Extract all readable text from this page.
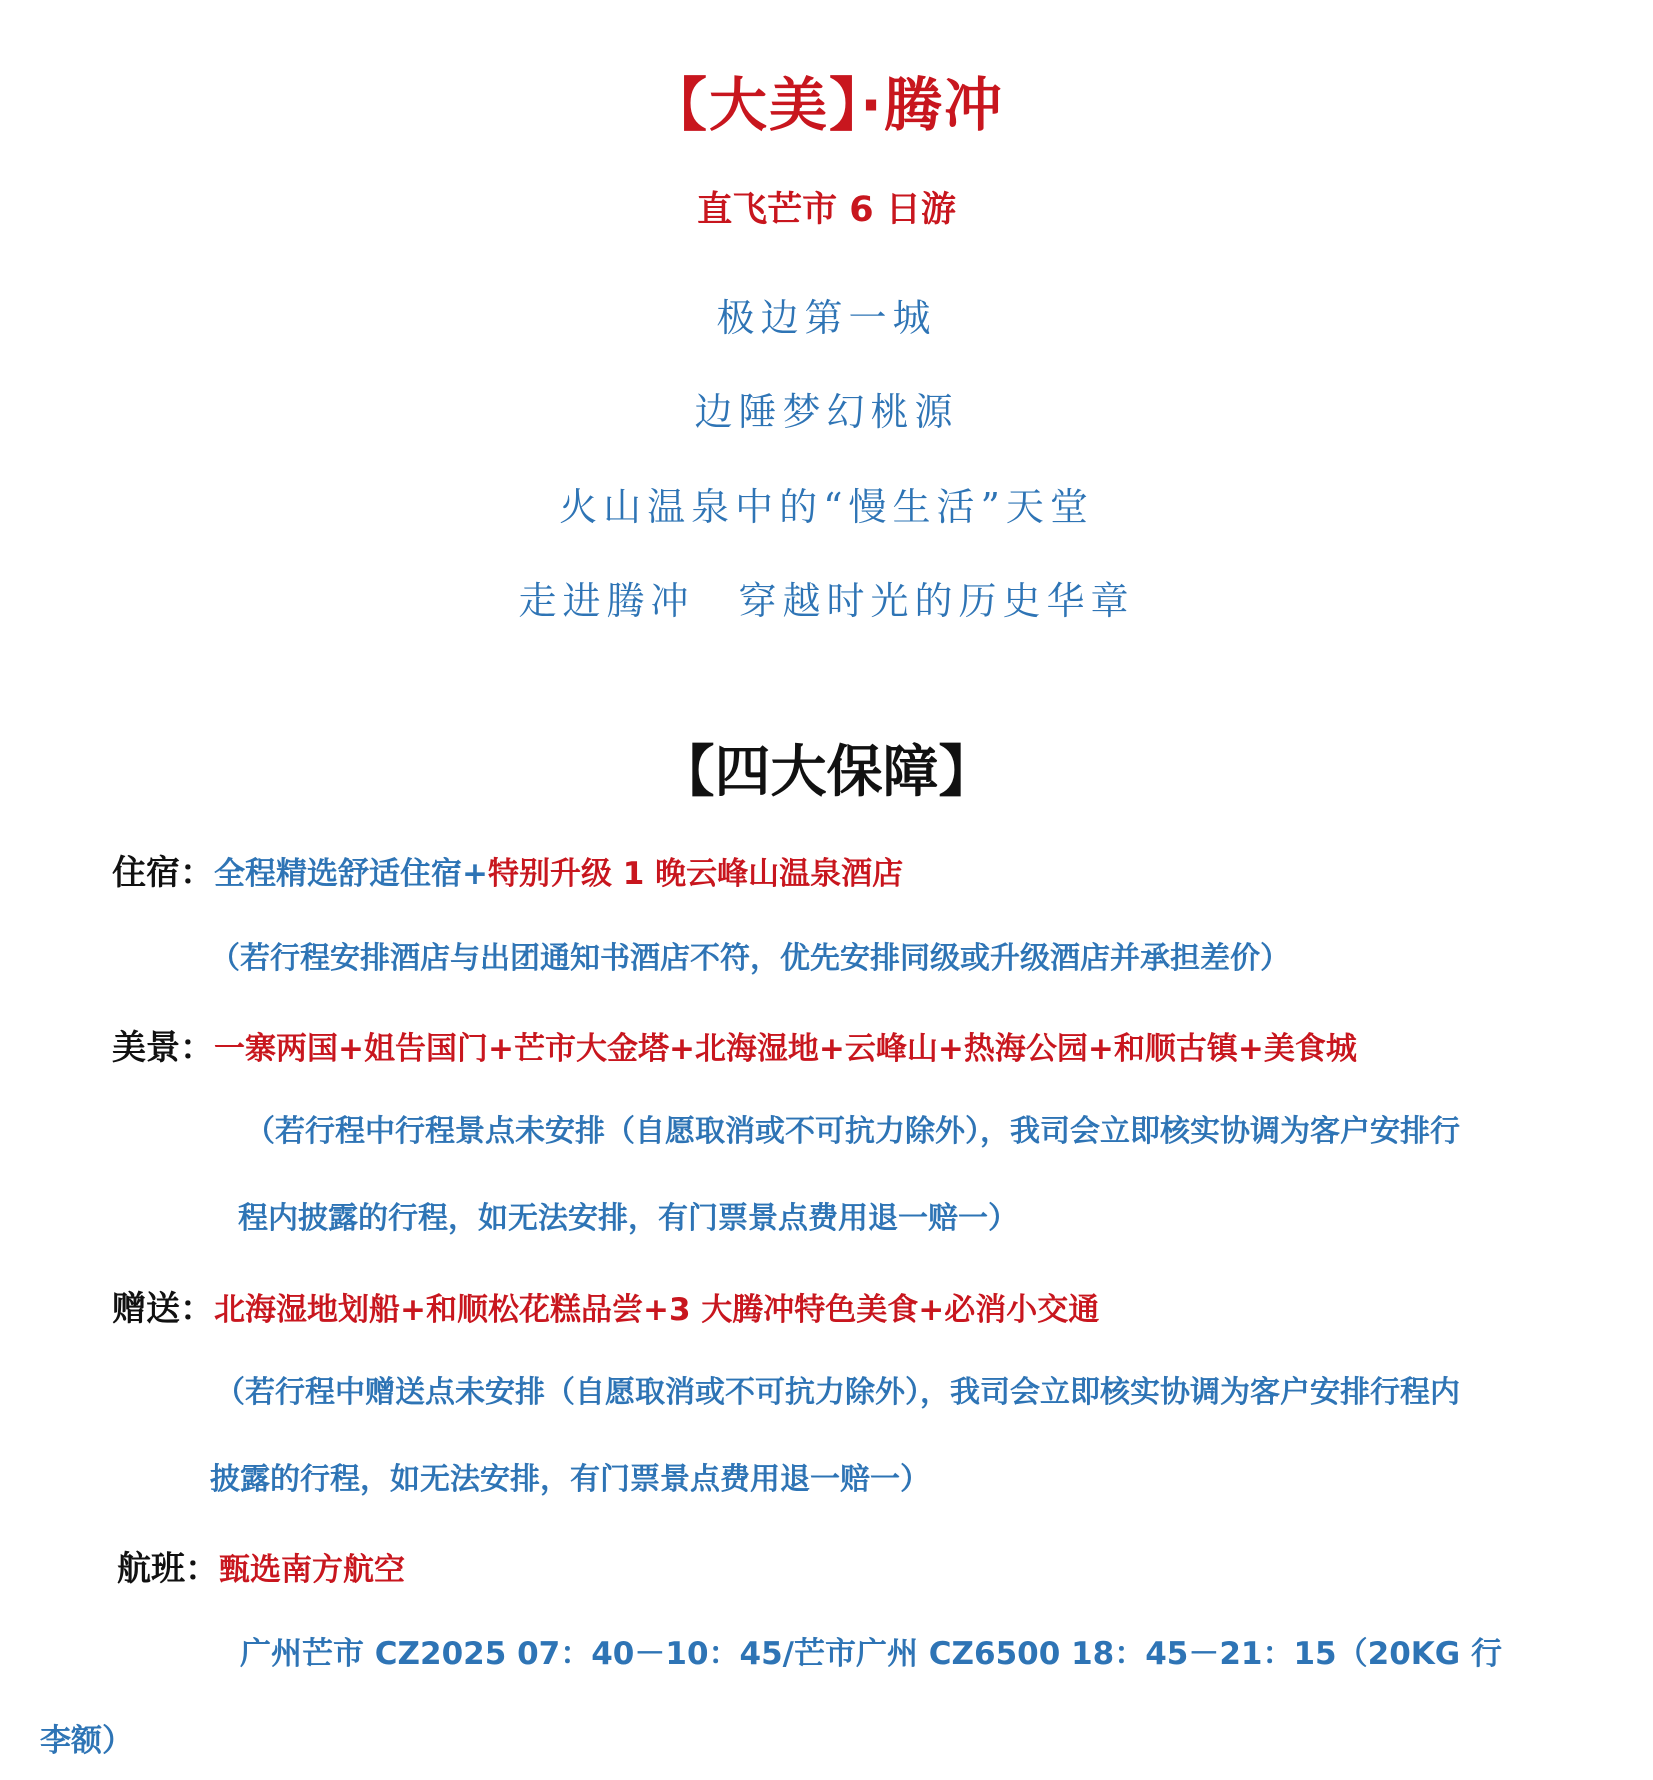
【大美】·腾冲
直飞芒市 6 日游
极边第一城
边陲梦幻桃源
火山温泉中的“慢生活”天堂
走进腾冲　穿越时光的历史华章
【四大保障】
住宿：全程精选舒适住宿+特别升级 1 晚云峰山温泉酒店
（若行程安排酒店与出团通知书酒店不符，优先安排同级或升级酒店并承担差价）
美景：一寨两国+姐告国门+芒市大金塔+北海湿地+云峰山+热海公园+和顺古镇+美食城
（若行程中行程景点未安排（自愿取消或不可抗力除外），我司会立即核实协调为客户安排行
程内披露的行程，如无法安排，有门票景点费用退一赔一）
赠送：北海湿地划船+和顺松花糕品尝+3 大腾冲特色美食+必消小交通
（若行程中赠送点未安排（自愿取消或不可抗力除外），我司会立即核实协调为客户安排行程内
披露的行程，如无法安排，有门票景点费用退一赔一）
航班：甄选南方航空
广州芒市 CZ2025 07：40－10：45/芒市广州 CZ6500 18：45－21：15（20KG 行
李额）
